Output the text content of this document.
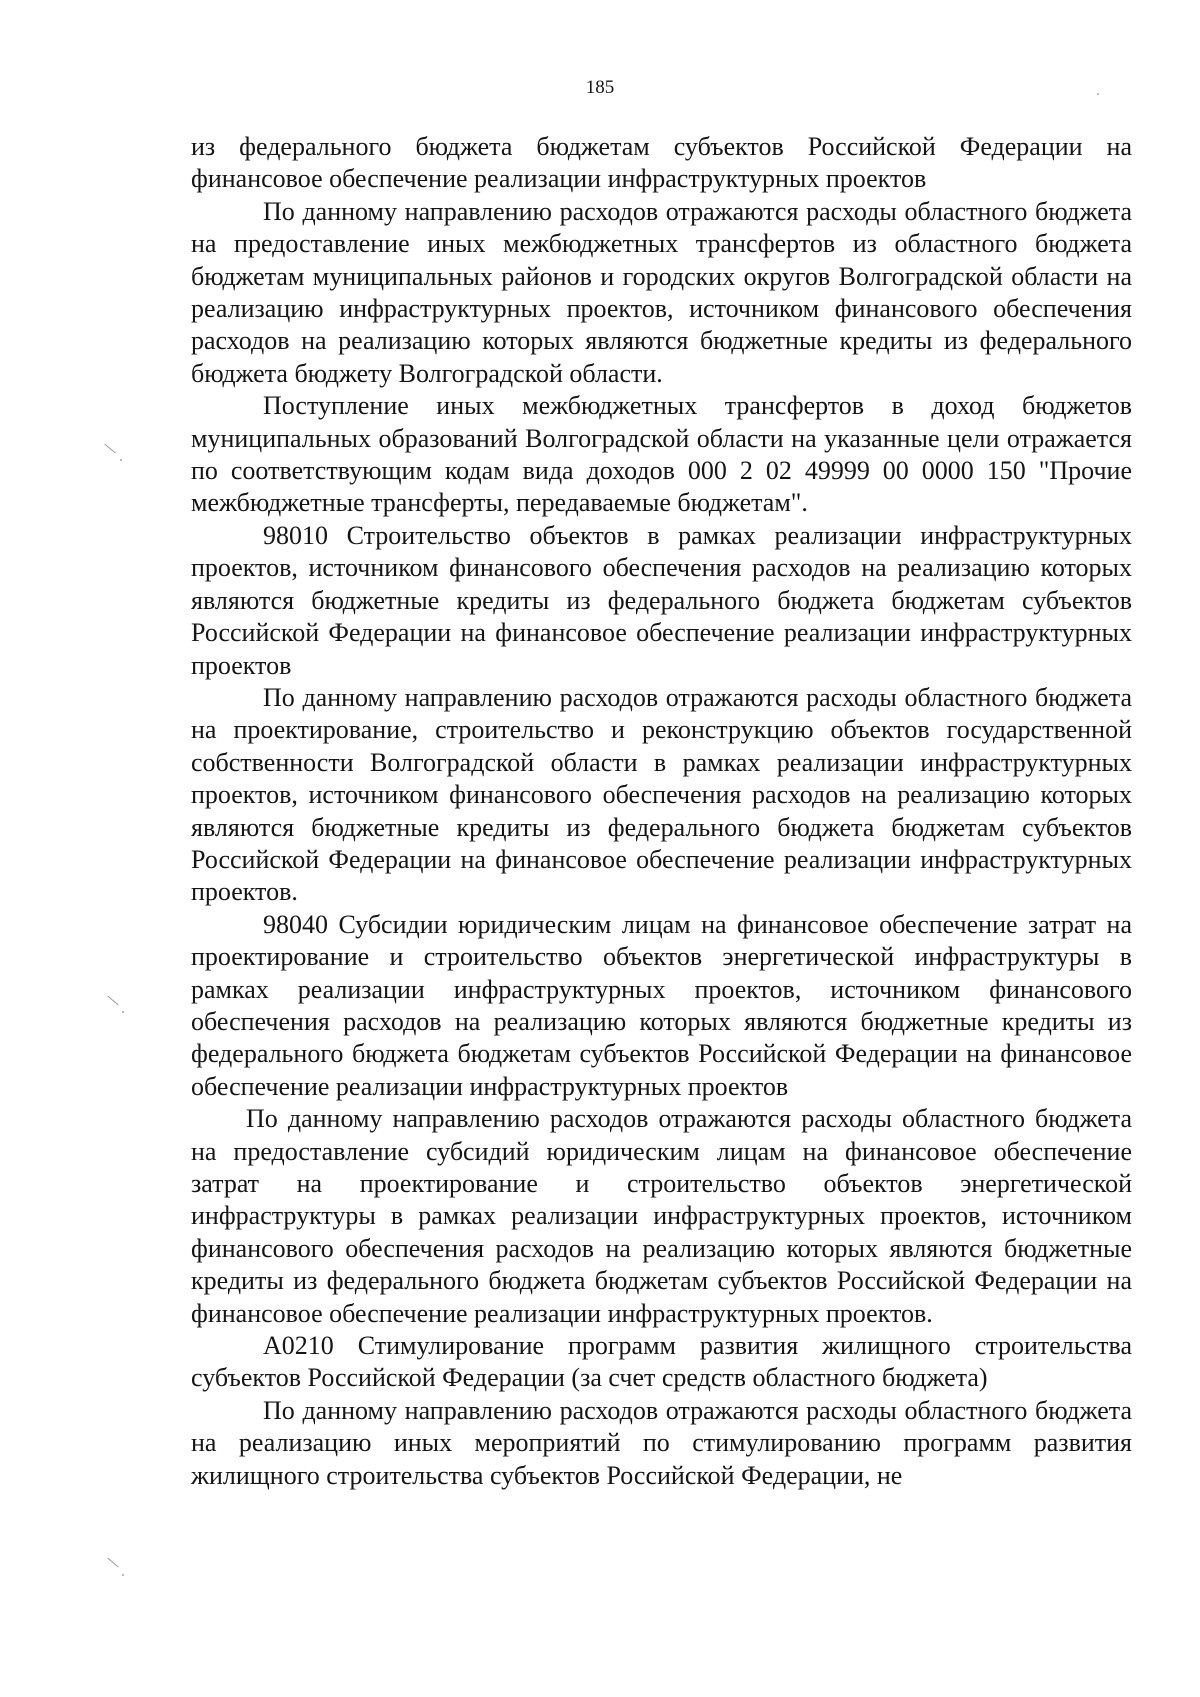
185

из федерального бюджета бюджетам субъектов Российской Федерации на финансовое обеспечение реализации инфраструктурных проектов

По данному направлению расходов отражаются расходы областного бюджета на предоставление иных межбюджетных трансфертов из областного бюджета бюджетам муниципальных районов и городских округов Волгоградской области на реализацию инфраструктурных проектов, источником финансового обеспечения расходов на реализацию которых являются бюджетные кредиты из федерального бюджета бюджету Волгоградской области.

Поступление иных межбюджетных трансфертов в доход бюджетов муниципальных образований Волгоградской области на указанные цели отражается по соответствующим кодам вида доходов 000 2 02 49999 00 0000 150 "Прочие межбюджетные трансферты, передаваемые бюджетам".

98010 Строительство объектов в рамках реализации инфраструктурных проектов, источником финансового обеспечения расходов на реализацию которых являются бюджетные кредиты из федерального бюджета бюджетам субъектов Российской Федерации на финансовое обеспечение реализации инфраструктурных проектов

По данному направлению расходов отражаются расходы областного бюджета на проектирование, строительство и реконструкцию объектов государственной собственности Волгоградской области в рамках реализации инфраструктурных проектов, источником финансового обеспечения расходов на реализацию которых являются бюджетные кредиты из федерального бюджета бюджетам субъектов Российской Федерации на финансовое обеспечение реализации инфраструктурных проектов.

98040 Субсидии юридическим лицам на финансовое обеспечение затрат на проектирование и строительство объектов энергетической инфраструктуры в рамках реализации инфраструктурных проектов, источником финансового обеспечения расходов на реализацию которых являются бюджетные кредиты из федерального бюджета бюджетам субъектов Российской Федерации на финансовое обеспечение реализации инфраструктурных проектов

По данному направлению расходов отражаются расходы областного бюджета на предоставление субсидий юридическим лицам на финансовое обеспечение затрат на проектирование и строительство объектов энергетической инфраструктуры в рамках реализации инфраструктурных проектов, источником финансового обеспечения расходов на реализацию которых являются бюджетные кредиты из федерального бюджета бюджетам субъектов Российской Федерации на финансовое обеспечение реализации инфраструктурных проектов.

А0210 Стимулирование программ развития жилищного строительства субъектов Российской Федерации (за счет средств областного бюджета)

По данному направлению расходов отражаются расходы областного бюджета на реализацию иных мероприятий по стимулированию программ развития жилищного строительства субъектов Российской Федерации, не
